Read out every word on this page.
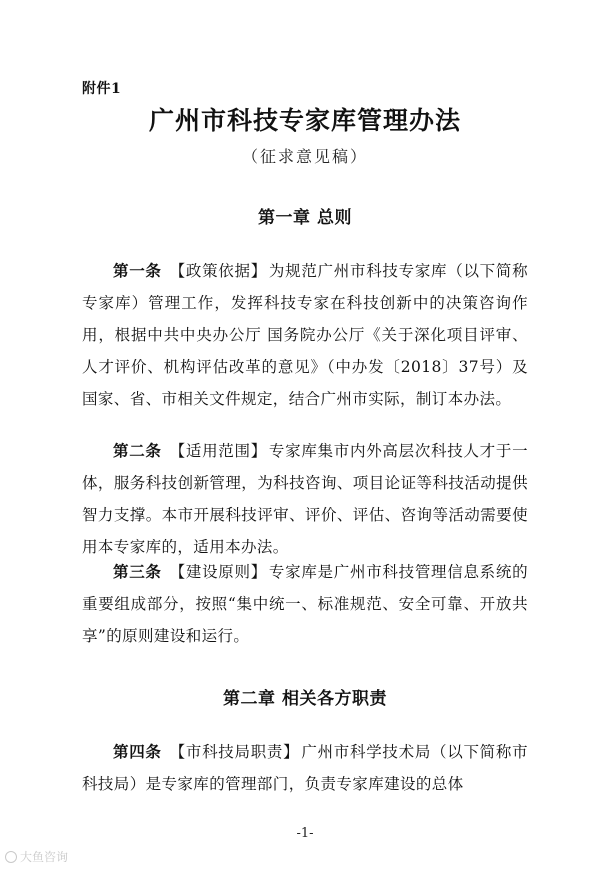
附件1
广州市科技专家库管理办法
（征求意见稿）
第一章 总则
第一条 【政策依据】 为规范广州市科技专家库（以下简称专家库）管理工作，发挥科技专家在科技创新中的决策咨询作用，根据中共中央办公厅 国务院办公厅《关于深化项目评审、人才评价、机构评估改革的意见》（中办发〔2018〕37号）及国家、省、市相关文件规定，结合广州市实际，制订本办法。
第二条 【适用范围】 专家库集市内外高层次科技人才于一体，服务科技创新管理，为科技咨询、项目论证等科技活动提供智力支撑。本市开展科技评审、评价、评估、咨询等活动需要使用本专家库的，适用本办法。
第三条 【建设原则】 专家库是广州市科技管理信息系统的重要组成部分，按照“集中统一、标准规范、安全可靠、开放共享”的原则建设和运行。
第二章 相关各方职责
第四条 【市科技局职责】 广州市科学技术局（以下简称市科技局）是专家库的管理部门，负责专家库建设的总体
-1-
大鱼咨询
